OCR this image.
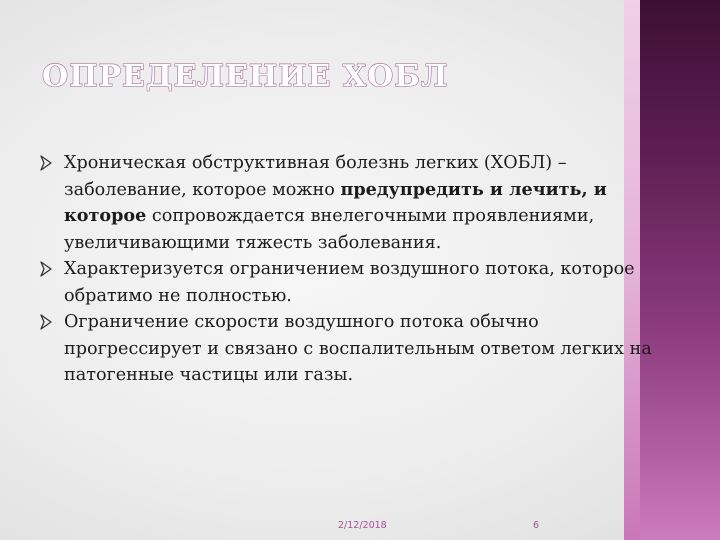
ОПРЕДЕЛЕНИЕ ХОБЛ
Хроническая обструктивная болезнь легких (ХОБЛ) – заболевание, которое можно предупредить и лечить, и которое сопровождается внелегочными проявлениями, увеличивающими тяжесть заболевания.
Характеризуется ограничением воздушного потока, которое обратимо не полностью.
Ограничение скорости воздушного потока обычно прогрессирует и связано с воспалительным ответом легких на патогенные частицы или газы.

2/12/2018	6
